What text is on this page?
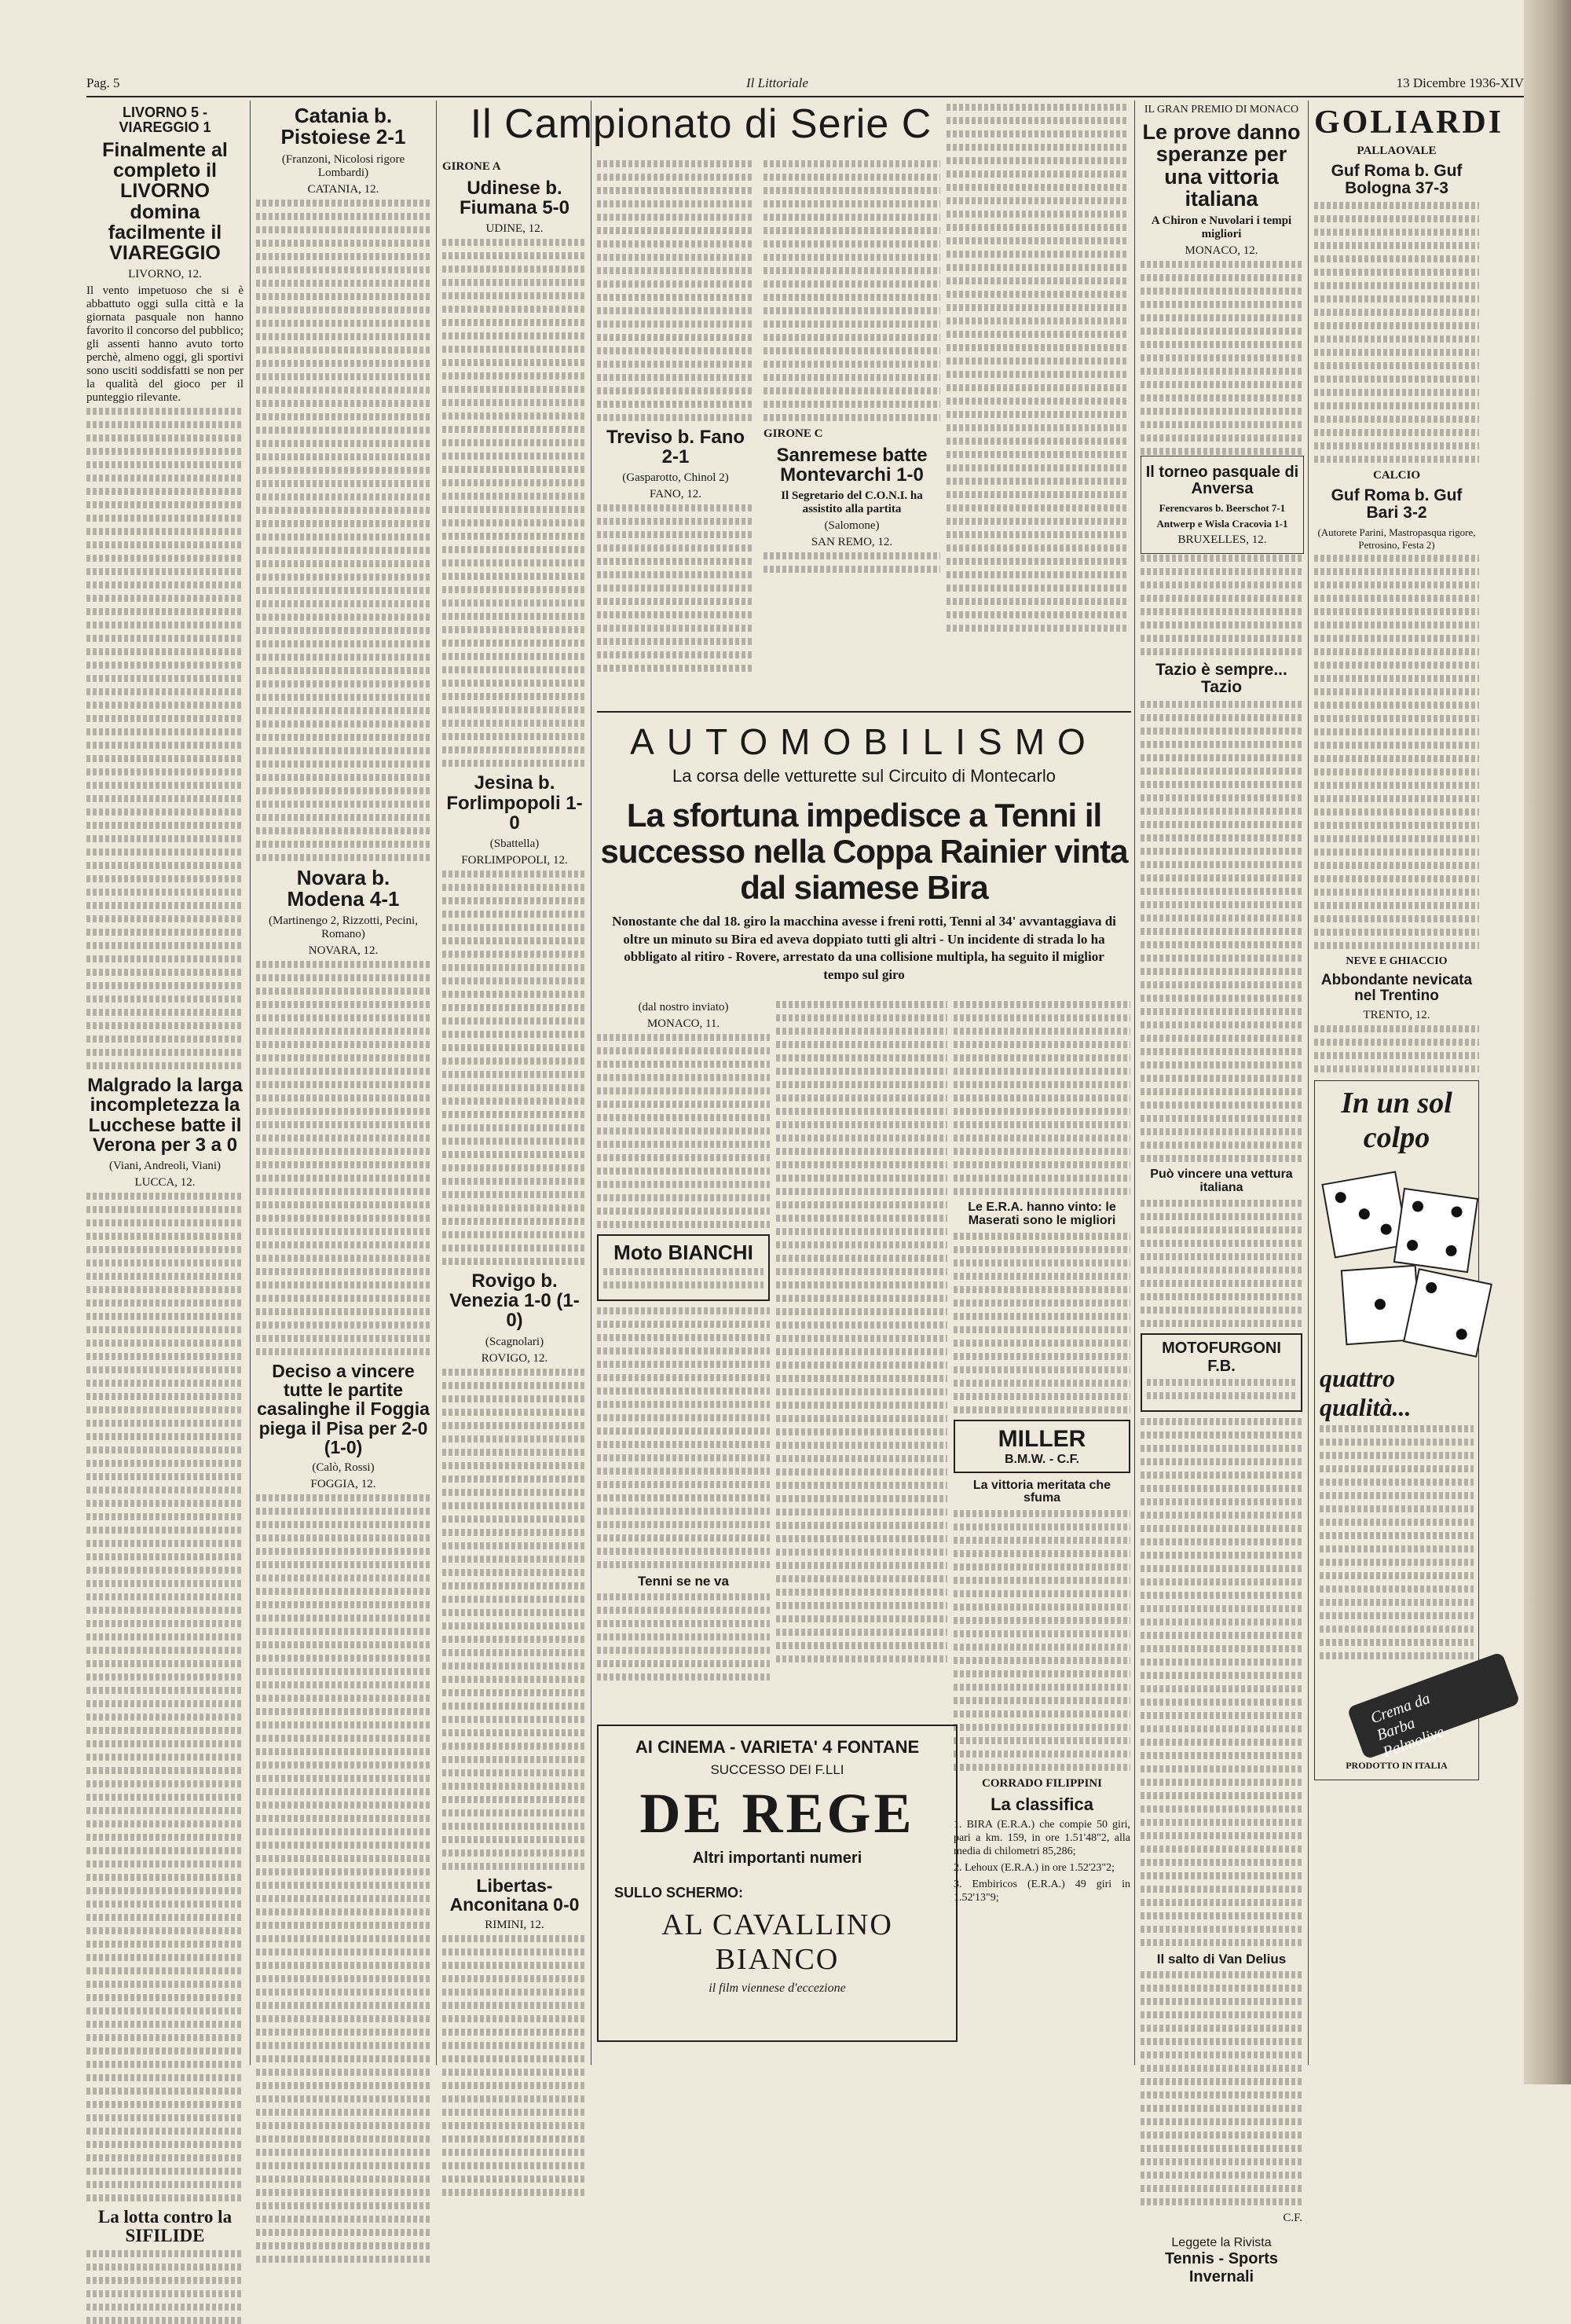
Pag. 5	Il Littoriale	13 Dicembre 1936-XIV
LIVORNO 5 - VIAREGGIO 1
Finalmente al completo il LIVORNO domina facilmente il VIAREGGIO
LIVORNO, 12.

Il vento impetuoso che si è abbattuto oggi sulla città e la giornata pasquale non hanno favorito il concorso del pubblico; gli assenti hanno avuto torto perchè, almeno oggi, gli sportivi sono usciti soddisfatti se non per la qualità del gioco per il punteggio rilevante.

Malgrado la larga incompletezza la Lucchese batte il Verona per 3 a 0
(Viani, Andreoli, Viani)
LUCCA, 12.
La lotta contro la SIFILIDE
Catania b. Pistoiese 2-1
(Franzoni, Nicolosi rigore Lombardi)
CATANIA, 12.
Novara b. Modena 4-1
(Martinengo 2, Rizzotti, Pecini, Romano)
NOVARA, 12.
Deciso a vincere tutte le partite casalinghe il Foggia piega il Pisa per 2-0 (1-0)
(Calò, Rossi)
FOGGIA, 12.
Il Campionato di Serie C
GIRONE A
Udinese b. Fiumana 5-0
UDINE, 12.
Jesina b. Forlimpopoli 1-0
(Sbattella)
FORLIMPOPOLI, 12.
Rovigo b. Venezia 1-0 (1-0)
(Scagnolari)
ROVIGO, 12.
Libertas-Anconitana 0-0
RIMINI, 12.
Treviso b. Fano 2-1
(Gasparotto, Chinol 2)
FANO, 12.
GIRONE C
Sanremese batte Montevarchi 1-0
Il Segretario del C.O.N.I. ha assistito alla partita
(Salomone)
SAN REMO, 12.
AUTOMOBILISMO
La corsa delle vetturette sul Circuito di Montecarlo
La sfortuna impedisce a Tenni il successo nella Coppa Rainier vinta dal siamese Bira
Nonostante che dal 18. giro la macchina avesse i freni rotti, Tenni al 34' avvantaggiava di oltre un minuto su Bira ed aveva doppiato tutti gli altri - Un incidente di strada lo ha obbligato al ritiro - Rovere, arrestato da una collisione multipla, ha seguito il miglior tempo sul giro
(dal nostro inviato)
MONACO, 11.
Moto BIANCHI
Tenni se ne va
Le E.R.A. hanno vinto: le Maserati sono le migliori
MILLER
B.M.W. - C.F.
La vittoria meritata che sfuma
CORRADO FILIPPINI
La classifica

1. BIRA (E.R.A.) che compie 50 giri, pari a km. 159, in ore 1.51'48"2, alla media di chilometri 85,286;

2. Lehoux (E.R.A.) in ore 1.52'23"2;

3. Embiricos (E.R.A.) 49 giri in 1.52'13"9;

AI CINEMA - VARIETA' 4 FONTANE
SUCCESSO DEI F.LLI
DE REGE
Altri importanti numeri
SULLO SCHERMO:
AL CAVALLINO BIANCO
il film viennese d'eccezione
IL GRAN PREMIO DI MONACO
Le prove danno speranze per una vittoria italiana
A Chiron e Nuvolari i tempi migliori
MONACO, 12.
Tazio è sempre... Tazio
Può vincere una vettura italiana
MOTOFURGONI F.B.
Il salto di Van Delius
C.F.
Leggete la Rivista
Tennis - Sports Invernali
Il torneo pasquale di Anversa
Ferencvaros b. Beerschot 7-1
Antwerp e Wisla Cracovia 1-1
BRUXELLES, 12.
GOLIARDI
PALLAOVALE
Guf Roma b. Guf Bologna 37-3
CALCIO
Guf Roma b. Guf Bari 3-2
(Autorete Parini, Mastropasqua rigore, Petrosino, Festa 2)
NEVE E GHIACCIO
Abbondante nevicata nel Trentino
TRENTO, 12.
In un sol colpo
quattro qualità...
Crema da Barba Palmolive
PRODOTTO IN ITALIA
